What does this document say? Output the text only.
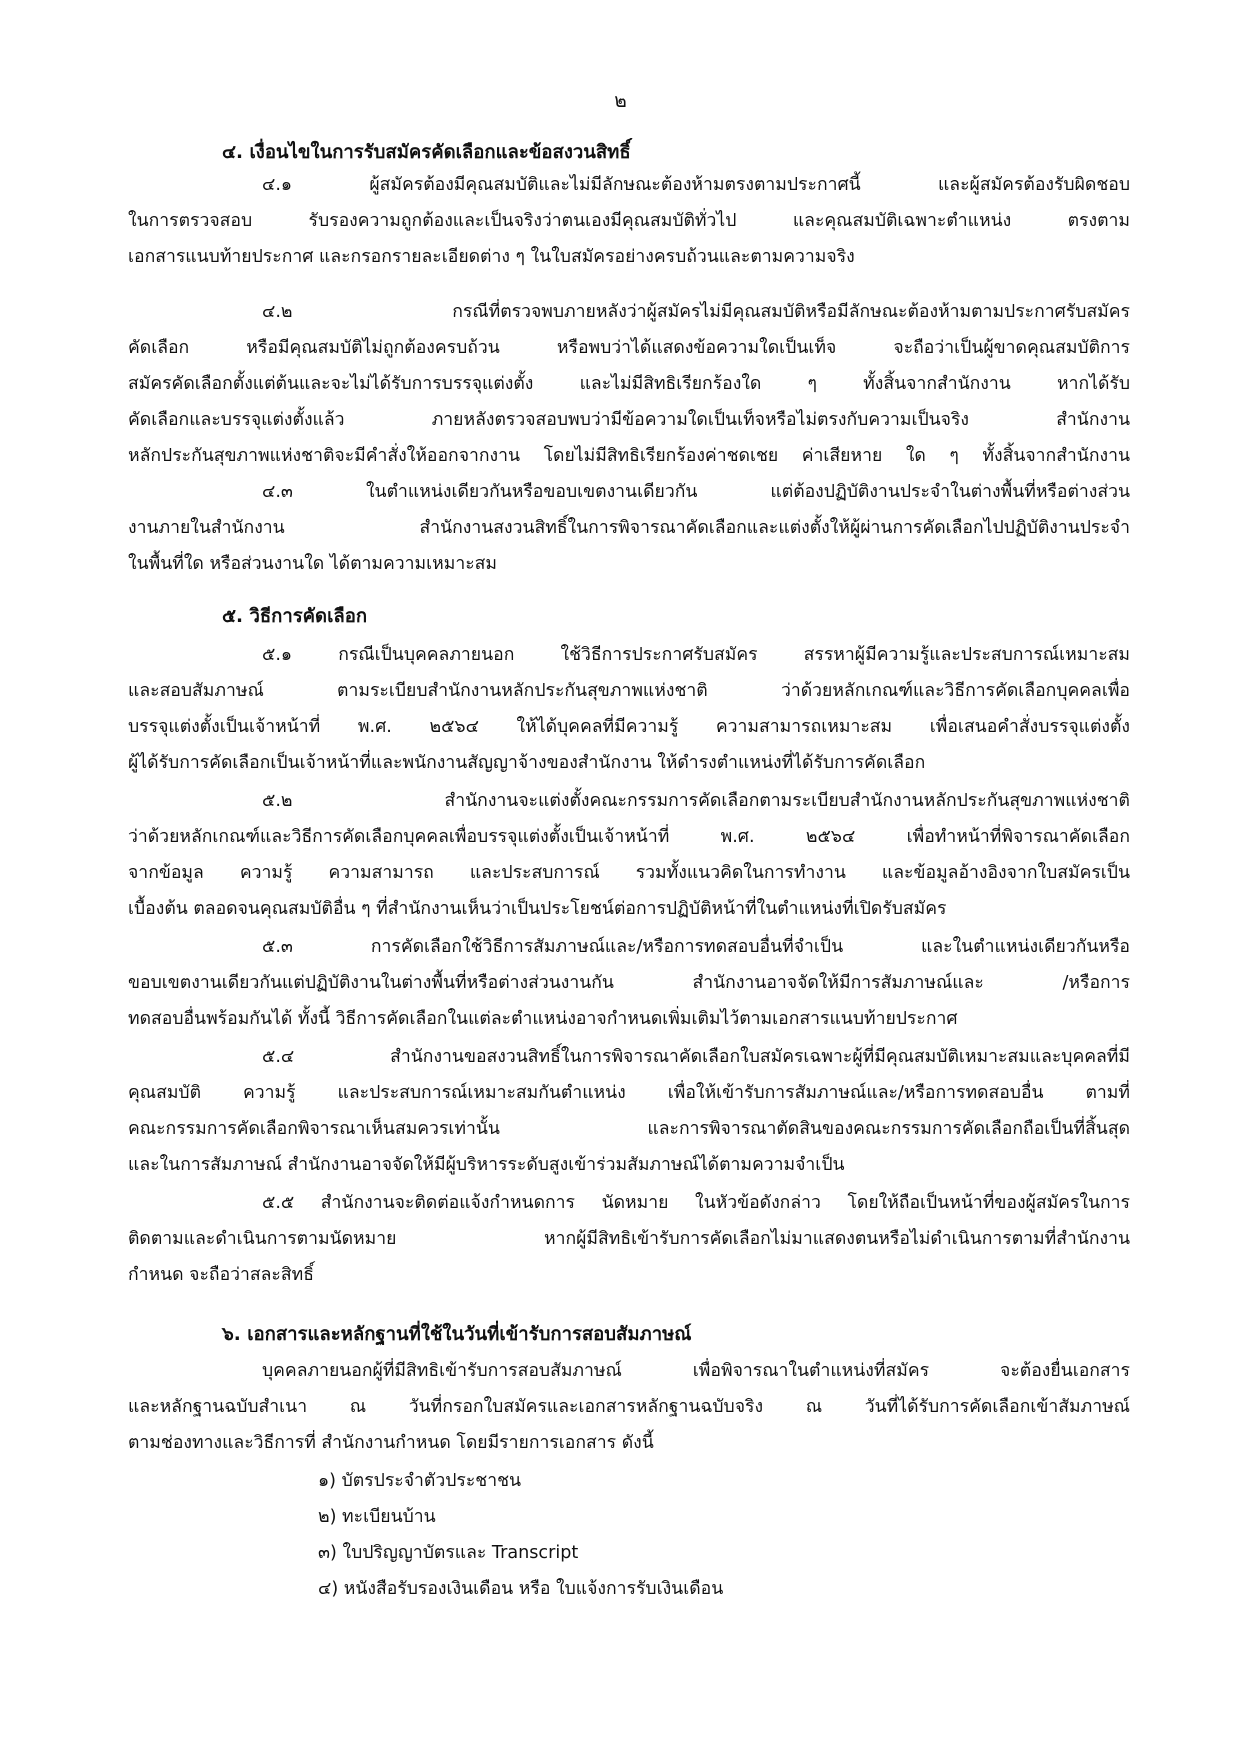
๒
๔. เงื่อนไขในการรับสมัครคัดเลือกและข้อสงวนสิทธิ์
๔.๑ ผู้สมัครต้องมีคุณสมบัติและไม่มีลักษณะต้องห้ามตรงตามประกาศนี้ และผู้สมัครต้องรับผิดชอบ
ในการตรวจสอบ รับรองความถูกต้องและเป็นจริงว่าตนเองมีคุณสมบัติทั่วไป และคุณสมบัติเฉพาะตำแหน่ง ตรงตาม
เอกสารแนบท้ายประกาศ และกรอกรายละเอียดต่าง ๆ ในใบสมัครอย่างครบถ้วนและตามความจริง
๔.๒ กรณีที่ตรวจพบภายหลังว่าผู้สมัครไม่มีคุณสมบัติหรือมีลักษณะต้องห้ามตามประกาศรับสมัคร
คัดเลือก หรือมีคุณสมบัติไม่ถูกต้องครบถ้วน หรือพบว่าได้แสดงข้อความใดเป็นเท็จ จะถือว่าเป็นผู้ขาดคุณสมบัติการ
สมัครคัดเลือกตั้งแต่ต้นและจะไม่ได้รับการบรรจุแต่งตั้ง และไม่มีสิทธิเรียกร้องใด ๆ ทั้งสิ้นจากสำนักงาน หากได้รับ
คัดเลือกและบรรจุแต่งตั้งแล้ว ภายหลังตรวจสอบพบว่ามีข้อความใดเป็นเท็จหรือไม่ตรงกับความเป็นจริง สำนักงาน
หลักประกันสุขภาพแห่งชาติจะมีคำสั่งให้ออกจากงาน โดยไม่มีสิทธิเรียกร้องค่าชดเชย ค่าเสียหาย ใด ๆ ทั้งสิ้นจากสำนักงาน
๔.๓ ในตำแหน่งเดียวกันหรือขอบเขตงานเดียวกัน แต่ต้องปฏิบัติงานประจำในต่างพื้นที่หรือต่างส่วน
งานภายในสำนักงาน สำนักงานสงวนสิทธิ์ในการพิจารณาคัดเลือกและแต่งตั้งให้ผู้ผ่านการคัดเลือกไปปฏิบัติงานประจำ
ในพื้นที่ใด หรือส่วนงานใด ได้ตามความเหมาะสม
๕. วิธีการคัดเลือก
๕.๑ กรณีเป็นบุคคลภายนอก ใช้วิธีการประกาศรับสมัคร สรรหาผู้มีความรู้และประสบการณ์เหมาะสม
และสอบสัมภาษณ์ ตามระเบียบสำนักงานหลักประกันสุขภาพแห่งชาติ ว่าด้วยหลักเกณฑ์และวิธีการคัดเลือกบุคคลเพื่อ
บรรจุแต่งตั้งเป็นเจ้าหน้าที่ พ.ศ. ๒๕๖๔ ให้ได้บุคคลที่มีความรู้ ความสามารถเหมาะสม เพื่อเสนอคำสั่งบรรจุแต่งตั้ง
ผู้ได้รับการคัดเลือกเป็นเจ้าหน้าที่และพนักงานสัญญาจ้างของสำนักงาน ให้ดำรงตำแหน่งที่ได้รับการคัดเลือก
๕.๒ สำนักงานจะแต่งตั้งคณะกรรมการคัดเลือกตามระเบียบสำนักงานหลักประกันสุขภาพแห่งชาติ
ว่าด้วยหลักเกณฑ์และวิธีการคัดเลือกบุคคลเพื่อบรรจุแต่งตั้งเป็นเจ้าหน้าที่ พ.ศ. ๒๕๖๔ เพื่อทำหน้าที่พิจารณาคัดเลือก
จากข้อมูล ความรู้ ความสามารถ และประสบการณ์ รวมทั้งแนวคิดในการทำงาน และข้อมูลอ้างอิงจากใบสมัครเป็น
เบื้องต้น ตลอดจนคุณสมบัติอื่น ๆ ที่สำนักงานเห็นว่าเป็นประโยชน์ต่อการปฏิบัติหน้าที่ในตำแหน่งที่เปิดรับสมัคร
๕.๓ การคัดเลือกใช้วิธีการสัมภาษณ์และ/หรือการทดสอบอื่นที่จำเป็น และในตำแหน่งเดียวกันหรือ
ขอบเขตงานเดียวกันแต่ปฏิบัติงานในต่างพื้นที่หรือต่างส่วนงานกัน สำนักงานอาจจัดให้มีการสัมภาษณ์และ /หรือการ
ทดสอบอื่นพร้อมกันได้ ทั้งนี้ วิธีการคัดเลือกในแต่ละตำแหน่งอาจกำหนดเพิ่มเติมไว้ตามเอกสารแนบท้ายประกาศ
๕.๔ สำนักงานขอสงวนสิทธิ์ในการพิจารณาคัดเลือกใบสมัครเฉพาะผู้ที่มีคุณสมบัติเหมาะสมและบุคคลที่มี
คุณสมบัติ ความรู้ และประสบการณ์เหมาะสมกันตำแหน่ง เพื่อให้เข้ารับการสัมภาษณ์และ/หรือการทดสอบอื่น ตามที่
คณะกรรมการคัดเลือกพิจารณาเห็นสมควรเท่านั้น และการพิจารณาตัดสินของคณะกรรมการคัดเลือกถือเป็นที่สิ้นสุด
และในการสัมภาษณ์ สำนักงานอาจจัดให้มีผู้บริหารระดับสูงเข้าร่วมสัมภาษณ์ได้ตามความจำเป็น
๕.๕ สำนักงานจะติดต่อแจ้งกำหนดการ นัดหมาย ในหัวข้อดังกล่าว โดยให้ถือเป็นหน้าที่ของผู้สมัครในการ
ติดตามและดำเนินการตามนัดหมาย หากผู้มีสิทธิเข้ารับการคัดเลือกไม่มาแสดงตนหรือไม่ดำเนินการตามที่สำนักงาน
กำหนด จะถือว่าสละสิทธิ์
๖. เอกสารและหลักฐานที่ใช้ในวันที่เข้ารับการสอบสัมภาษณ์
บุคคลภายนอกผู้ที่มีสิทธิเข้ารับการสอบสัมภาษณ์ เพื่อพิจารณาในตำแหน่งที่สมัคร จะต้องยื่นเอกสาร
และหลักฐานฉบับสำเนา ณ วันที่กรอกใบสมัครและเอกสารหลักฐานฉบับจริง ณ วันที่ได้รับการคัดเลือกเข้าสัมภาษณ์
ตามช่องทางและวิธีการที่ สำนักงานกำหนด โดยมีรายการเอกสาร ดังนี้
๑) บัตรประจำตัวประชาชน
๒) ทะเบียนบ้าน
๓) ใบปริญญาบัตรและ Transcript
๔) หนังสือรับรองเงินเดือน หรือ ใบแจ้งการรับเงินเดือน
